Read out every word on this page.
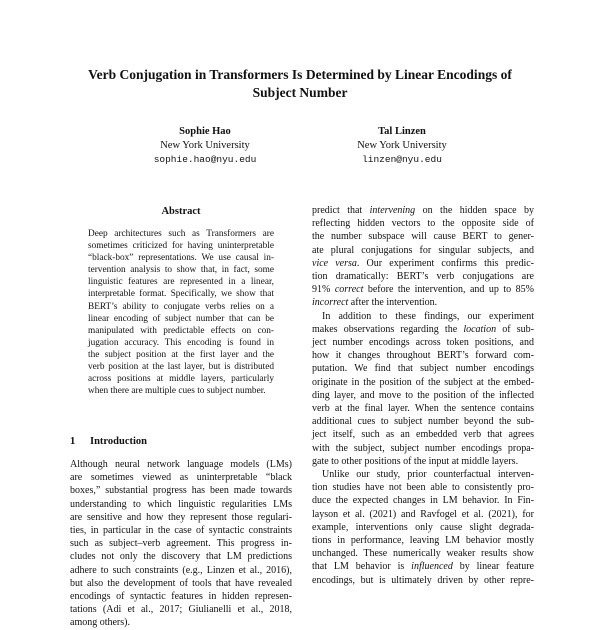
Verb Conjugation in Transformers Is Determined by Linear Encodings of
Subject Number
Sophie Hao
New York University
sophie.hao@nyu.edu
Tal Linzen
New York University
linzen@nyu.edu
Abstract
Deep architectures such as Transformers are
sometimes criticized for having uninterpretable
“black-box” representations. We use causal in-
tervention analysis to show that, in fact, some
linguistic features are represented in a linear,
interpretable format. Specifically, we show that
BERT’s ability to conjugate verbs relies on a
linear encoding of subject number that can be
manipulated with predictable effects on con-
jugation accuracy. This encoding is found in
the subject position at the first layer and the
verb position at the last layer, but is distributed
across positions at middle layers, particularly
when there are multiple cues to subject number.
1 Introduction
Although neural network language models (LMs)
are sometimes viewed as uninterpretable “black
boxes,” substantial progress has been made towards
understanding to which linguistic regularities LMs
are sensitive and how they represent those regulari-
ties, in particular in the case of syntactic constraints
such as subject–verb agreement. This progress in-
cludes not only the discovery that LM predictions
adhere to such constraints (e.g., Linzen et al., 2016),
but also the development of tools that have revealed
encodings of syntactic features in hidden represen-
tations (Adi et al., 2017; Giulianelli et al., 2018,
among others).
predict that intervening on the hidden space by
reflecting hidden vectors to the opposite side of
the number subspace will cause BERT to gener-
ate plural conjugations for singular subjects, and
vice versa. Our experiment confirms this predic-
tion dramatically: BERT’s verb conjugations are
91% correct before the intervention, and up to 85%
incorrect after the intervention.
In addition to these findings, our experiment
makes observations regarding the location of sub-
ject number encodings across token positions, and
how it changes throughout BERT’s forward com-
putation. We find that subject number encodings
originate in the position of the subject at the embed-
ding layer, and move to the position of the inflected
verb at the final layer. When the sentence contains
additional cues to subject number beyond the sub-
ject itself, such as an embedded verb that agrees
with the subject, subject number encodings propa-
gate to other positions of the input at middle layers.
Unlike our study, prior counterfactual interven-
tion studies have not been able to consistently pro-
duce the expected changes in LM behavior. In Fin-
layson et al. (2021) and Ravfogel et al. (2021), for
example, interventions only cause slight degrada-
tions in performance, leaving LM behavior mostly
unchanged. These numerically weaker results show
that LM behavior is influenced by linear feature
encodings, but is ultimately driven by other repre-
